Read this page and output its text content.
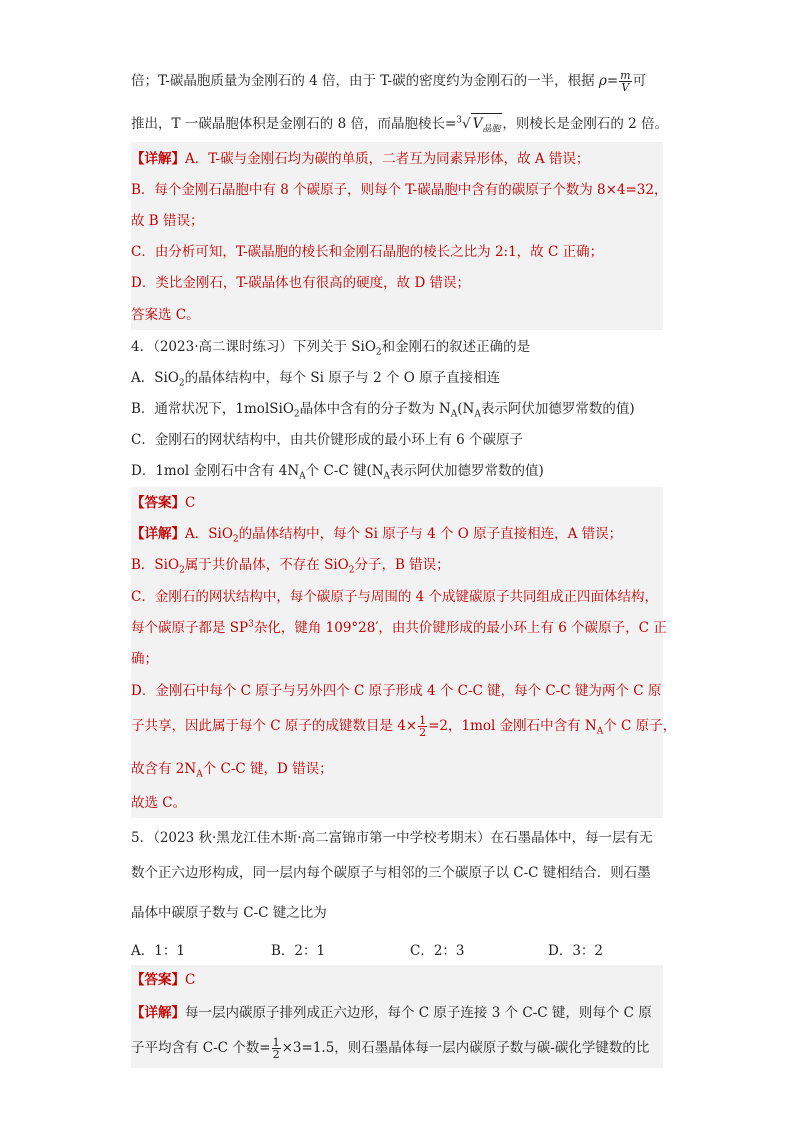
倍；T-碳晶胞质量为金刚石的 4 倍，由于 T-碳的密度约为金刚石的一半，根据 $\rho= \frac{m}{V}$ 可
推出，T 一碳晶胞体积是金刚石的 8 倍，而晶胞棱长=$^3$√ $V_{晶胞}$ ，则棱长是金刚石的 2 倍。
【详解】A．T-碳与金刚石均为碳的单质，二者互为同素异形体，故 A 错误；
B．每个金刚石晶胞中有 8 个碳原子，则每个 T-碳晶胞中含有的碳原子个数为 8×4=32，
故 B 错误；
C．由分析可知，T-碳晶胞的棱长和金刚石晶胞的棱长之比为 2:1，故 C 正确；
D．类比金刚石，T-碳晶体也有很高的硬度，故 D 错误；
答案选 C。
4．（2023·高二课时练习）下列关于 SiO$_2$和金刚石的叙述正确的是
A．SiO$_2$的晶体结构中，每个 Si 原子与 2 个 O 原子直接相连
B．通常状况下，1molSiO$_2$晶体中含有的分子数为 $N_A(N_A$表示阿伏加德罗常数的值)
C．金刚石的网状结构中，由共价键形成的最小环上有 6 个碳原子
D．1mol 金刚石中含有 $4N_A$个 C-C 键($N_A$表示阿伏加德罗常数的值)
【答案】C
【详解】A．SiO$_2$的晶体结构中，每个 Si 原子与 4 个 O 原子直接相连，A 错误；
B．SiO$_2$属于共价晶体，不存在 SiO$_2$分子，B 错误；
C．金刚石的网状结构中，每个碳原子与周围的 4 个成键碳原子共同组成正四面体结构，
每个碳原子都是 $SP^3$杂化，键角 109°28′，由共价键形成的最小环上有 6 个碳原子，C 正
确；
D．金刚石中每个 C 原子与另外四个 C 原子形成 4 个 C-C 键，每个 C-C 键为两个 C 原
子共享，因此属于每个 C 原子的成键数目是 $4\times \frac{1}{2} =2$，1mol 金刚石中含有 $N_A$个 C 原子，
故含有 $2N_A$个 C-C 键，D 错误；
故选 C。
5．（2023 秋·黑龙江佳木斯·高二富锦市第一中学校考期末）在石墨晶体中，每一层有无
数个正六边形构成，同一层内每个碳原子与相邻的三个碳原子以 C-C 键相结合．则石墨
晶体中碳原子数与 C-C 键之比为
A．1：1	B．2：1	C．2：3	D．3：2
【答案】C
【详解】每一层内碳原子排列成正六边形，每个 C 原子连接 3 个 C-C 键，则每个 C 原
子平均含有 C-C 个数= $\frac{1}{2} \times 3=1.5$，则石墨晶体每一层内碳原子数与碳-碳化学键数的比
